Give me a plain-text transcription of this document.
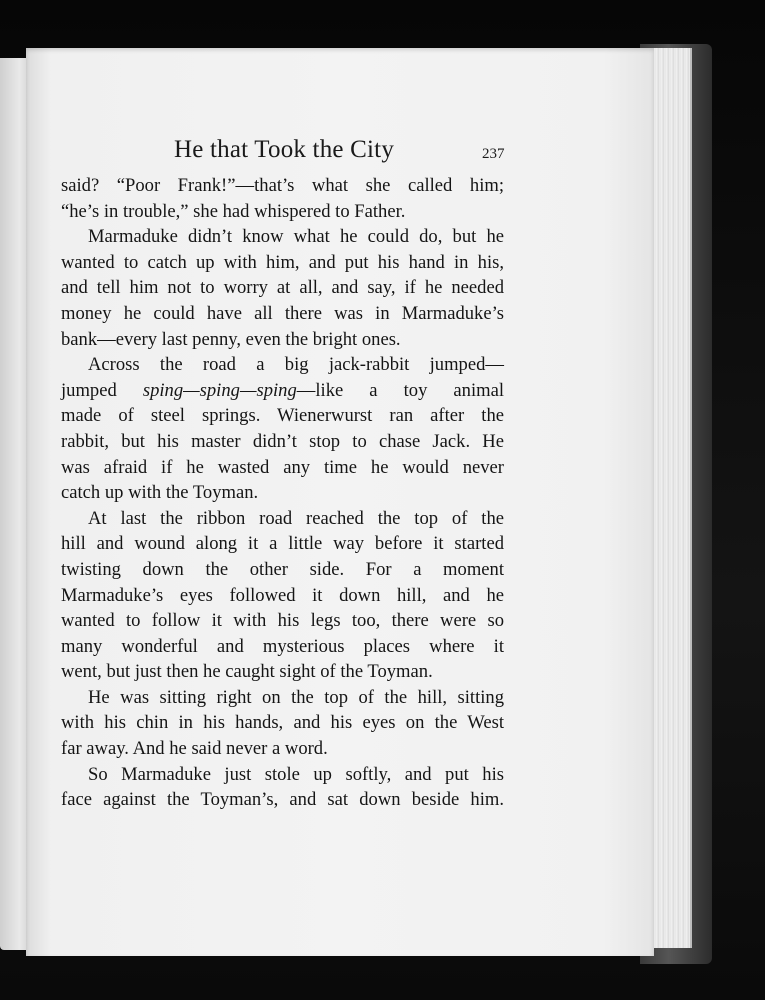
He that Took the City	237

said? “Poor Frank!”—that’s what she called him;

“he’s in trouble,” she had whispered to Father.

Marmaduke didn’t know what he could do, but he

wanted to catch up with him, and put his hand in his,

and tell him not to worry at all, and say, if he needed

money he could have all there was in Marmaduke’s

bank—every last penny, even the bright ones.

Across the road a big jack-rabbit jumped—

jumped sping—sping—sping—like a toy animal

made of steel springs. Wienerwurst ran after the

rabbit, but his master didn’t stop to chase Jack. He

was afraid if he wasted any time he would never

catch up with the Toyman.

At last the ribbon road reached the top of the

hill and wound along it a little way before it started

twisting down the other side. For a moment

Marmaduke’s eyes followed it down hill, and he

wanted to follow it with his legs too, there were so

many wonderful and mysterious places where it

went, but just then he caught sight of the Toyman.

He was sitting right on the top of the hill, sitting

with his chin in his hands, and his eyes on the West

far away. And he said never a word.

So Marmaduke just stole up softly, and put his

face against the Toyman’s, and sat down beside him.
